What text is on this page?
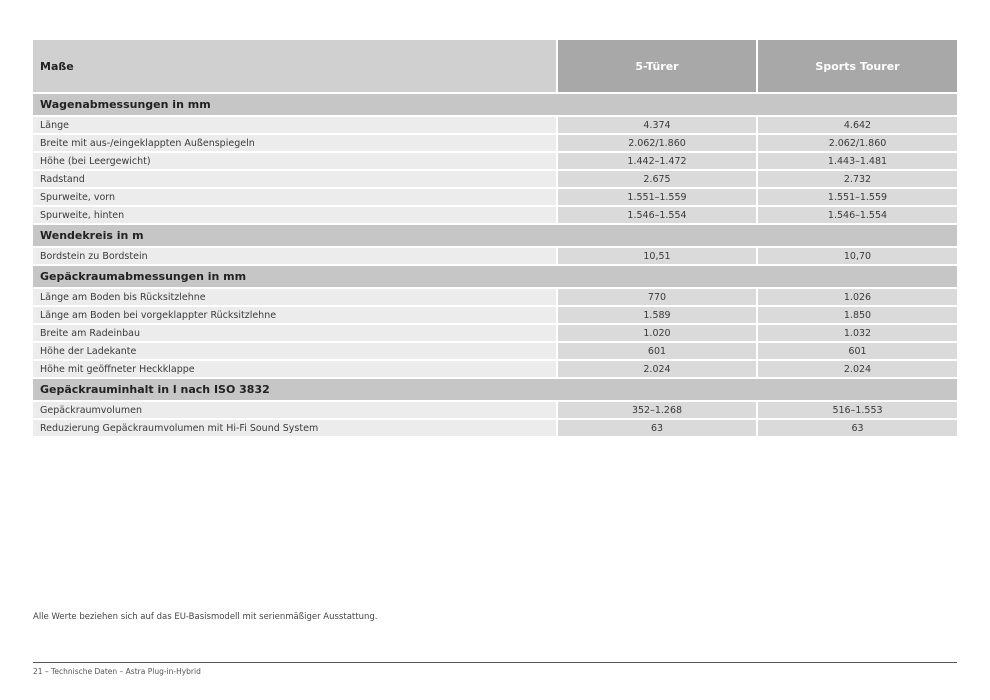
Maße	5-Türer	Sports Tourer

Wagenabmessungen in mm		
Länge	4.374	4.642
Breite mit aus-/eingeklappten Außenspiegeln	2.062/1.860	2.062/1.860
Höhe (bei Leergewicht)	1.442–1.472	1.443–1.481
Radstand	2.675	2.732
Spurweite, vorn	1.551–1.559	1.551–1.559
Spurweite, hinten	1.546–1.554	1.546–1.554
Wendekreis in m		
Bordstein zu Bordstein	10,51	10,70
Gepäckraumabmessungen in mm		
Länge am Boden bis Rücksitzlehne	770	1.026
Länge am Boden bei vorgeklappter Rücksitzlehne	1.589	1.850
Breite am Radeinbau	1.020	1.032
Höhe der Ladekante	601	601
Höhe mit geöffneter Heckklappe	2.024	2.024
Gepäckrauminhalt in l nach ISO 3832		
Gepäckraumvolumen	352–1.268	516–1.553
Reduzierung Gepäckraumvolumen mit Hi-Fi Sound System	63	63
Alle Werte beziehen sich auf das EU-Basismodell mit serienmäßiger Ausstattung.
21 – Technische Daten – Astra Plug-in-Hybrid
